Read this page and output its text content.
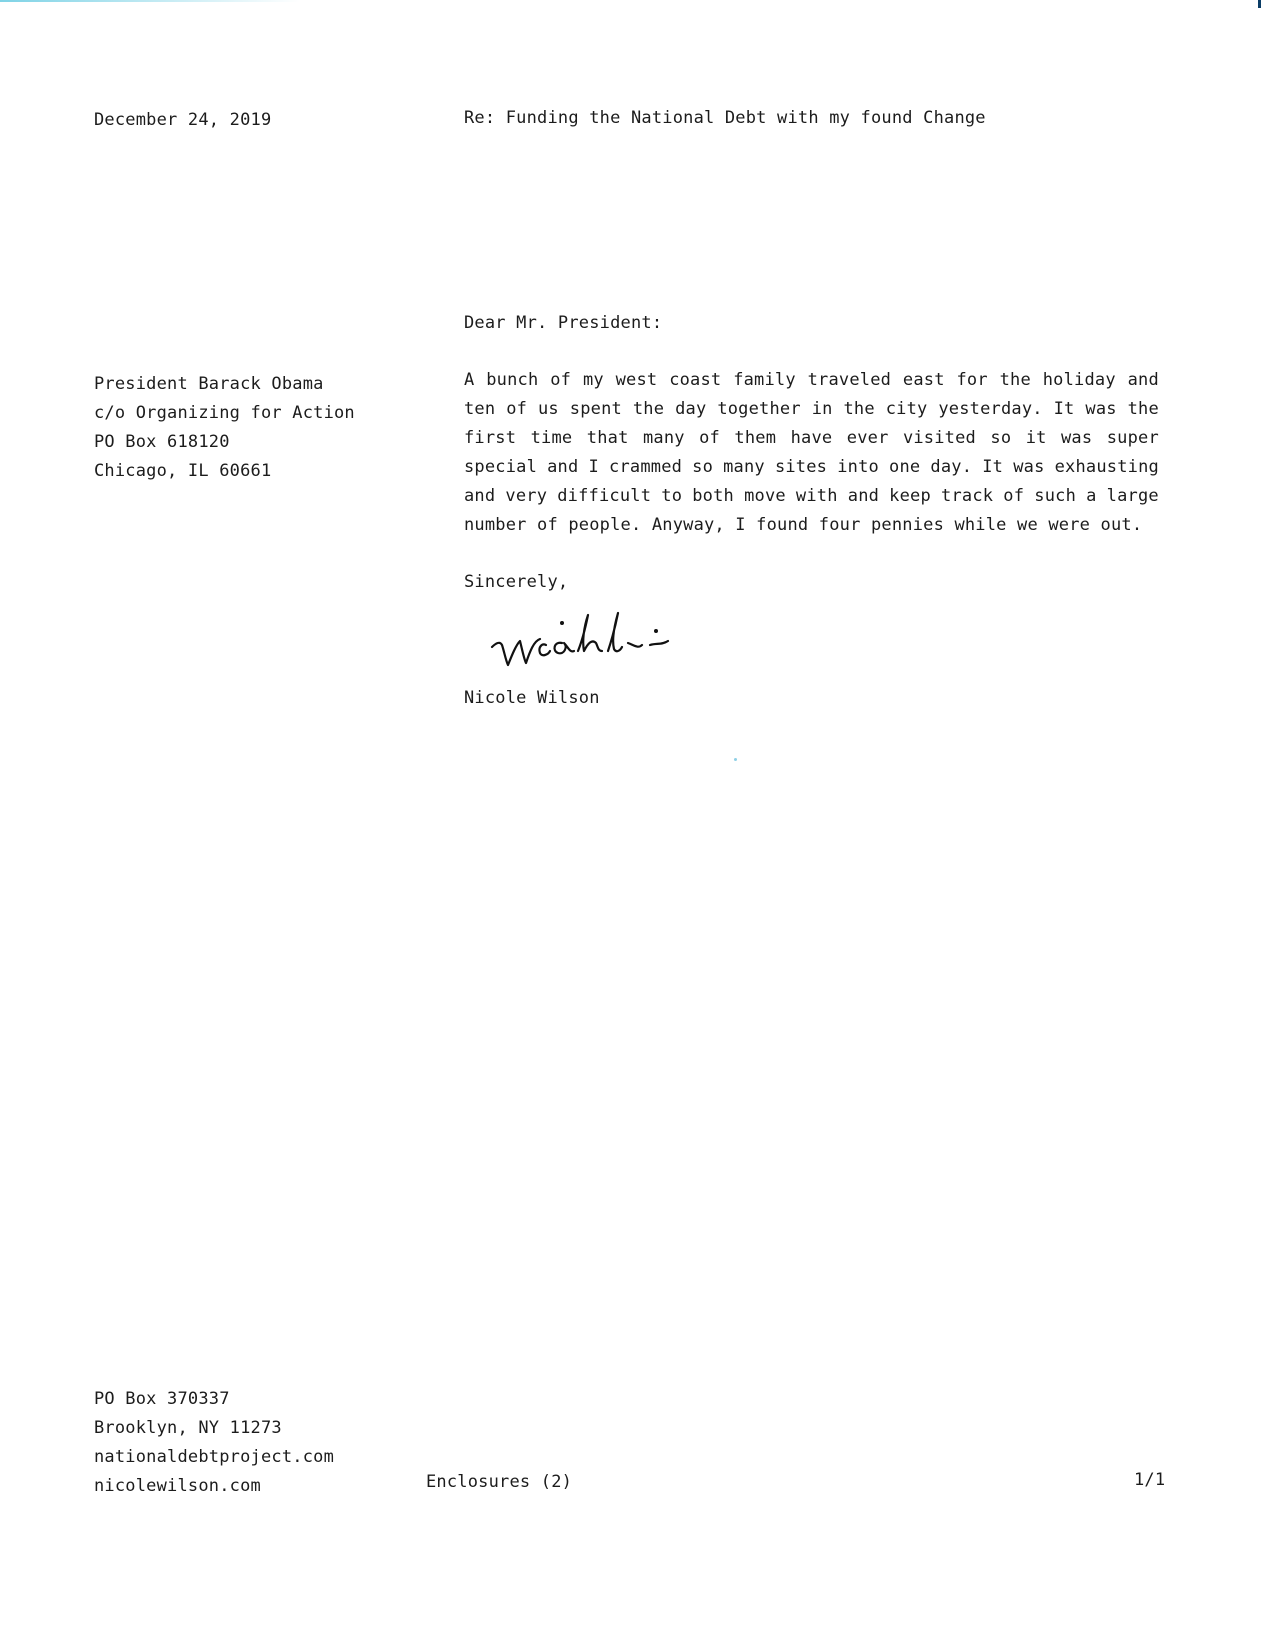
December 24, 2019	Re: Funding the National Debt with my found Change
Dear Mr. President:
President Barack Obama
c/o Organizing for Action
PO Box 618120
Chicago, IL 60661
A bunch of my west coast family traveled east for the holiday and
ten of us spent the day together in the city yesterday. It was the
first time that many of them have ever visited so it was super
special and I crammed so many sites into one day. It was exhausting
and very difficult to both move with and keep track of such a large
number of people. Anyway, I found four pennies while we were out.
Sincerely,
Nicole Wilson
PO Box 370337
Brooklyn, NY 11273
nationaldebtproject.com
nicolewilson.com	Enclosures (2)	1/1
